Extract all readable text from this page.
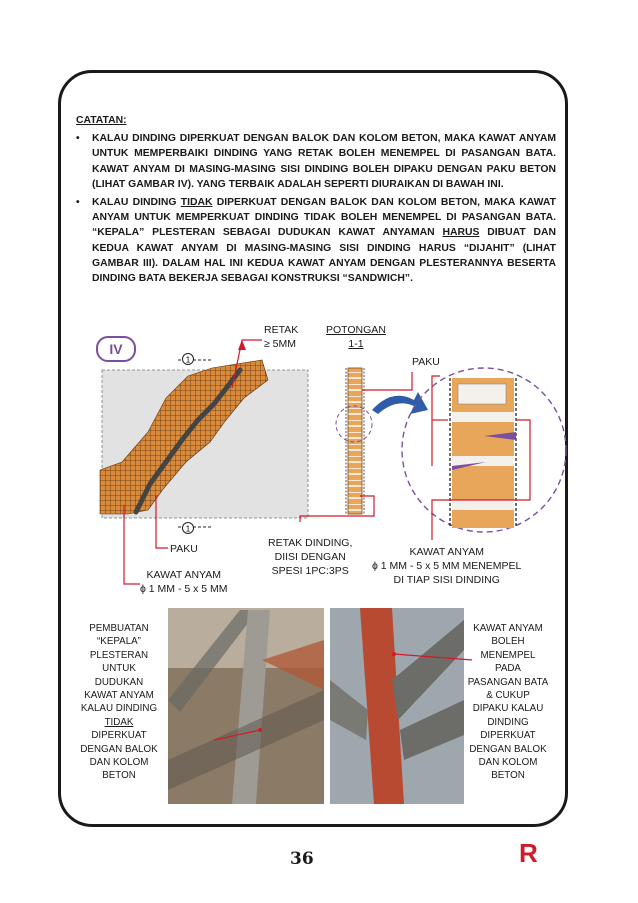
CATATAN:
• KALAU DINDING DIPERKUAT DENGAN BALOK DAN KOLOM BETON, MAKA KAWAT ANYAM UNTUK MEMPERBAIKI DINDING YANG RETAK BOLEH MENEMPEL DI PASANGAN BATA. KAWAT ANYAM DI MASING-MASING SISI DINDING BOLEH DIPAKU DENGAN PAKU BETON (LIHAT GAMBAR IV). YANG TERBAIK ADALAH SEPERTI DIURAIKAN DI BAWAH INI.
• KALAU DINDING TIDAK DIPERKUAT DENGAN BALOK DAN KOLOM BETON, MAKA KAWAT ANYAM UNTUK MEMPERKUAT DINDING TIDAK BOLEH MENEMPEL DI PASANGAN BATA. “KEPALA” PLESTERAN SEBAGAI DUDUKAN KAWAT ANYAMAN HARUS DIBUAT DAN KEDUA KAWAT ANYAM DI MASING-MASING SISI DINDING HARUS “DIJAHIT” (LIHAT GAMBAR III). DALAM HAL INI KEDUA KAWAT ANYAM DENGAN PLESTERANNYA BESERTA DINDING BATA BEKERJA SEBAGAI KONSTRUKSI “SANDWICH”.
IV
1
1
RETAK
≥ 5MM
POTONGAN
1-1
PAKU
PAKU
KAWAT ANYAM
ϕ 1 MM - 5 x 5 MM
RETAK DINDING,
DIISI DENGAN
SPESI 1PC:3PS
KAWAT ANYAM
ϕ 1 MM - 5 x 5 MM MENEMPEL
DI TIAP SISI DINDING
PEMBUATAN
“KEPALA”
PLESTERAN
UNTUK
DUDUKAN
KAWAT ANYAM
KALAU DINDING
TIDAK
DIPERKUAT
DENGAN BALOK
DAN KOLOM
BETON
KAWAT ANYAM
BOLEH
MENEMPEL
PADA
PASANGAN BATA
& CUKUP
DIPAKU KALAU
DINDING
DIPERKUAT
DENGAN BALOK
DAN KOLOM
BETON
36	R
